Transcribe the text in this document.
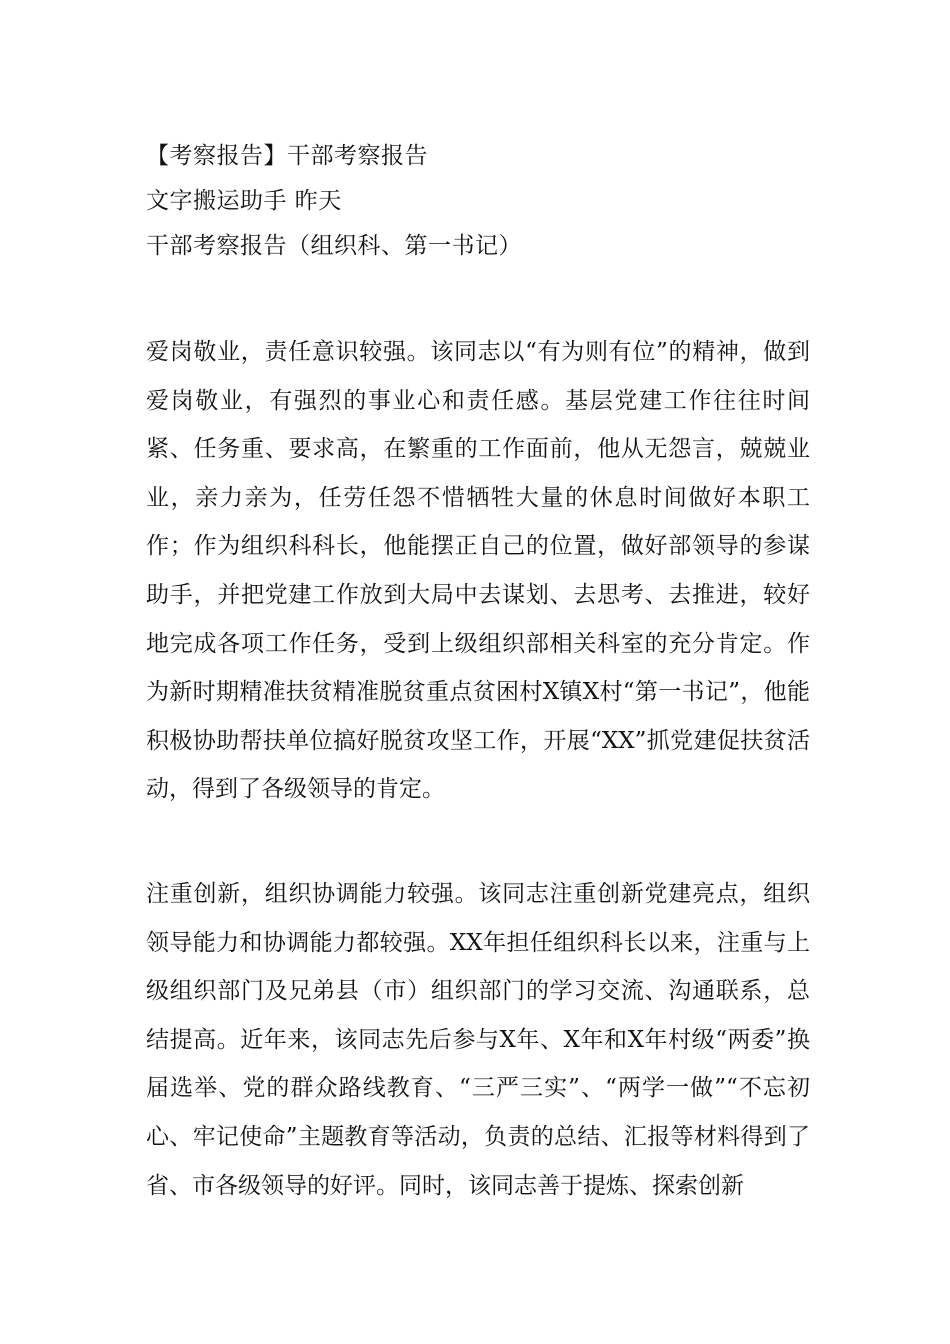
【考察报告】干部考察报告
文字搬运助手 昨天
干部考察报告（组织科、第一书记）

爱岗敬业，责任意识较强。该同志以“有为则有位”的精神，做到爱岗敬业，有强烈的事业心和责任感。基层党建工作往往时间紧、任务重、要求高，在繁重的工作面前，他从无怨言，兢兢业业，亲力亲为，任劳任怨不惜牺牲大量的休息时间做好本职工作；作为组织科科长，他能摆正自己的位置，做好部领导的参谋助手，并把党建工作放到大局中去谋划、去思考、去推进，较好地完成各项工作任务，受到上级组织部相关科室的充分肯定。作为新时期精准扶贫精准脱贫重点贫困村X镇X村“第一书记”，他能积极协助帮扶单位搞好脱贫攻坚工作，开展“XX”抓党建促扶贫活动，得到了各级领导的肯定。

注重创新，组织协调能力较强。该同志注重创新党建亮点，组织领导能力和协调能力都较强。XX年担任组织科长以来，注重与上级组织部门及兄弟县（市）组织部门的学习交流、沟通联系，总结提高。近年来，该同志先后参与X年、X年和X年村级“两委”换届选举、党的群众路线教育、“三严三实”、“两学一做”“不忘初心、牢记使命”主题教育等活动，负责的总结、汇报等材料得到了省、市各级领导的好评。同时，该同志善于提炼、探索创新
